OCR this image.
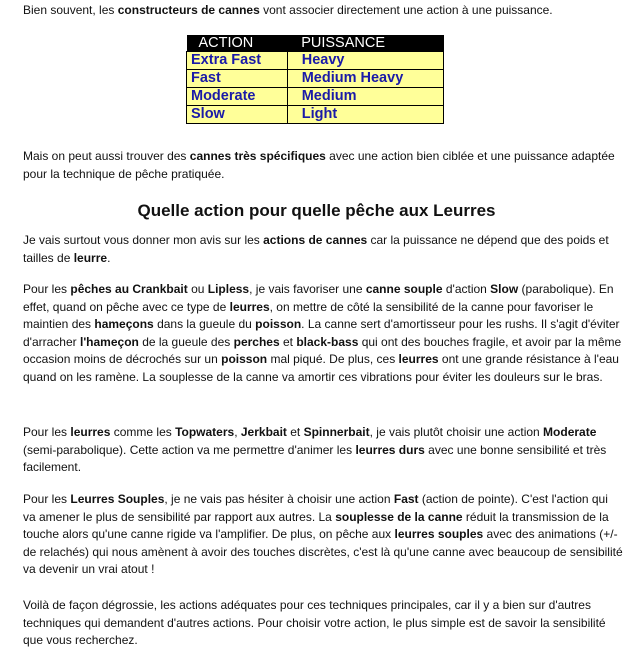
Bien souvent, les constructeurs de cannes vont associer directement une action à une puissance.

ACTION	PUISSANCE
Extra Fast	Heavy
Fast	Medium Heavy
Moderate	Medium
Slow	Light

Mais on peut aussi trouver des cannes très spécifiques avec une action bien ciblée et une puissance adaptée pour la technique de pêche pratiquée.

Quelle action pour quelle pêche aux Leurres

Je vais surtout vous donner mon avis sur les actions de cannes car la puissance ne dépend que des poids et tailles de leurre.

Pour les pêches au Crankbait ou Lipless, je vais favoriser une canne souple d'action Slow (parabolique). En effet, quand on pêche avec ce type de leurres, on mettre de côté la sensibilité de la canne pour favoriser le maintien des hameçons dans la gueule du poisson. La canne sert d'amortisseur pour les rushs. Il s'agit d'éviter d'arracher l'hameçon de la gueule des perches et black-bass qui ont des bouches fragile, et avoir par la même occasion moins de décrochés sur un poisson mal piqué. De plus, ces leurres ont une grande résistance à l'eau quand on les ramène. La souplesse de la canne va amortir ces vibrations pour éviter les douleurs sur le bras.

Pour les leurres comme les Topwaters, Jerkbait et Spinnerbait, je vais plutôt choisir une action Moderate (semi-parabolique). Cette action va me permettre d'animer les leurres durs avec une bonne sensibilité et très facilement.

Pour les Leurres Souples, je ne vais pas hésiter à choisir une action Fast (action de pointe). C'est l'action qui va amener le plus de sensibilité par rapport aux autres. La souplesse de la canne réduit la transmission de la touche alors qu'une canne rigide va l'amplifier. De plus, on pêche aux leurres souples avec des animations (+/- de relachés) qui nous amènent à avoir des touches discrètes, c'est là qu'une canne avec beaucoup de sensibilité va devenir un vrai atout !

Voilà de façon dégrossie, les actions adéquates pour ces techniques principales, car il y a bien sur d'autres techniques qui demandent d'autres actions. Pour choisir votre action, le plus simple est de savoir la sensibilité que vous recherchez.
